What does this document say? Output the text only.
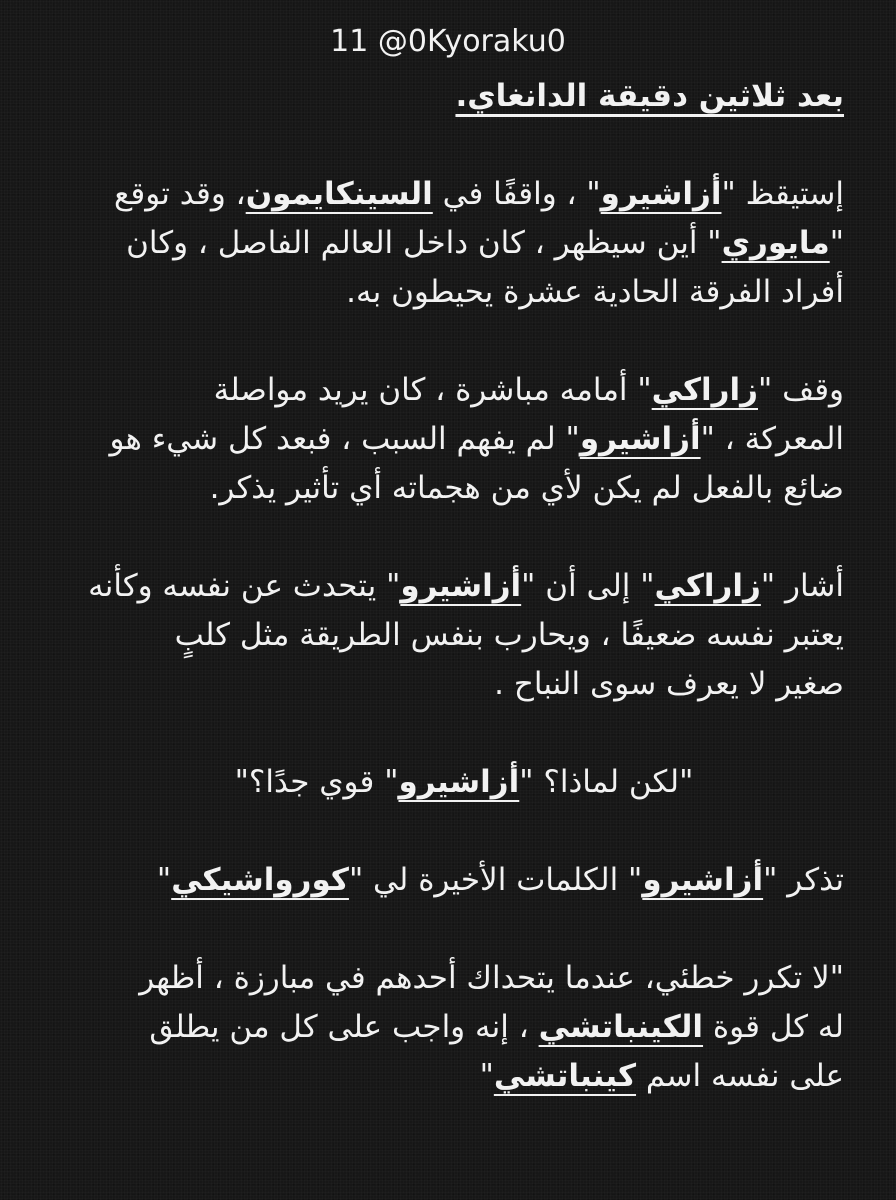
11 @0Kyoraku0

بعد ثلاثين دقيقة الدانغاي.

إستيقظ "أزاشيرو" ، واقفًا في السينكايمون، وقد توقع

"مايوري" أين سيظهر ، كان داخل العالم الفاصل ، وكان

أفراد الفرقة الحادية عشرة يحيطون به.

وقف "زاراكي" أمامه مباشرة ، كان يريد مواصلة

المعركة ، "أزاشيرو" لم يفهم السبب ، فبعد كل شيء هو

ضائع بالفعل لم يكن لأي من هجماته أي تأثير يذكر.

أشار "زاراكي" إلى أن "أزاشيرو" يتحدث عن نفسه وكأنه

يعتبر نفسه ضعيفًا ، ويحارب بنفس الطريقة مثل كلبٍ

صغير لا يعرف سوى النباح .

"لكن لماذا؟ "أزاشيرو" قوي جدًا؟"

تذكر "أزاشيرو" الكلمات الأخيرة لي "كورواشيكي"

"لا تكرر خطئي، عندما يتحداك أحدهم في مبارزة ، أظهر

له كل قوة الكينباتشي ، إنه واجب على كل من يطلق

على نفسه اسم كينباتشي"
